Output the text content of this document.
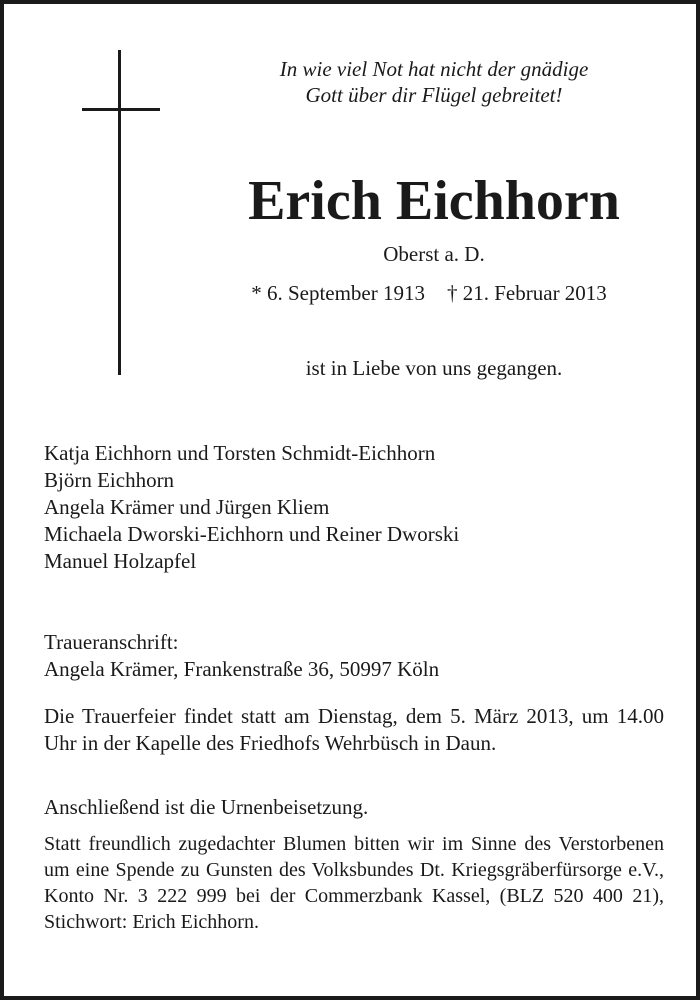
In wie viel Not hat nicht der gnädige
Gott über dir Flügel gebreitet!
Erich Eichhorn
Oberst a. D.
* 6. September 1913 † 21. Februar 2013
ist in Liebe von uns gegangen.
Katja Eichhorn und Torsten Schmidt-Eichhorn
Björn Eichhorn
Angela Krämer und Jürgen Kliem
Michaela Dworski-Eichhorn und Reiner Dworski
Manuel Holzapfel
Traueranschrift:
Angela Krämer, Frankenstraße 36, 50997 Köln
Die Trauerfeier findet statt am Dienstag, dem 5. März 2013, um 14.00 Uhr in der Kapelle des Friedhofs Wehrbüsch in Daun.
Anschließend ist die Urnenbeisetzung.
Statt freundlich zugedachter Blumen bitten wir im Sinne des Verstorbenen um eine Spende zu Gunsten des Volksbundes Dt. Kriegsgräberfürsorge e.V., Konto Nr. 3 222 999 bei der Commerzbank Kassel, (BLZ 520 400 21), Stichwort: Erich Eichhorn.
